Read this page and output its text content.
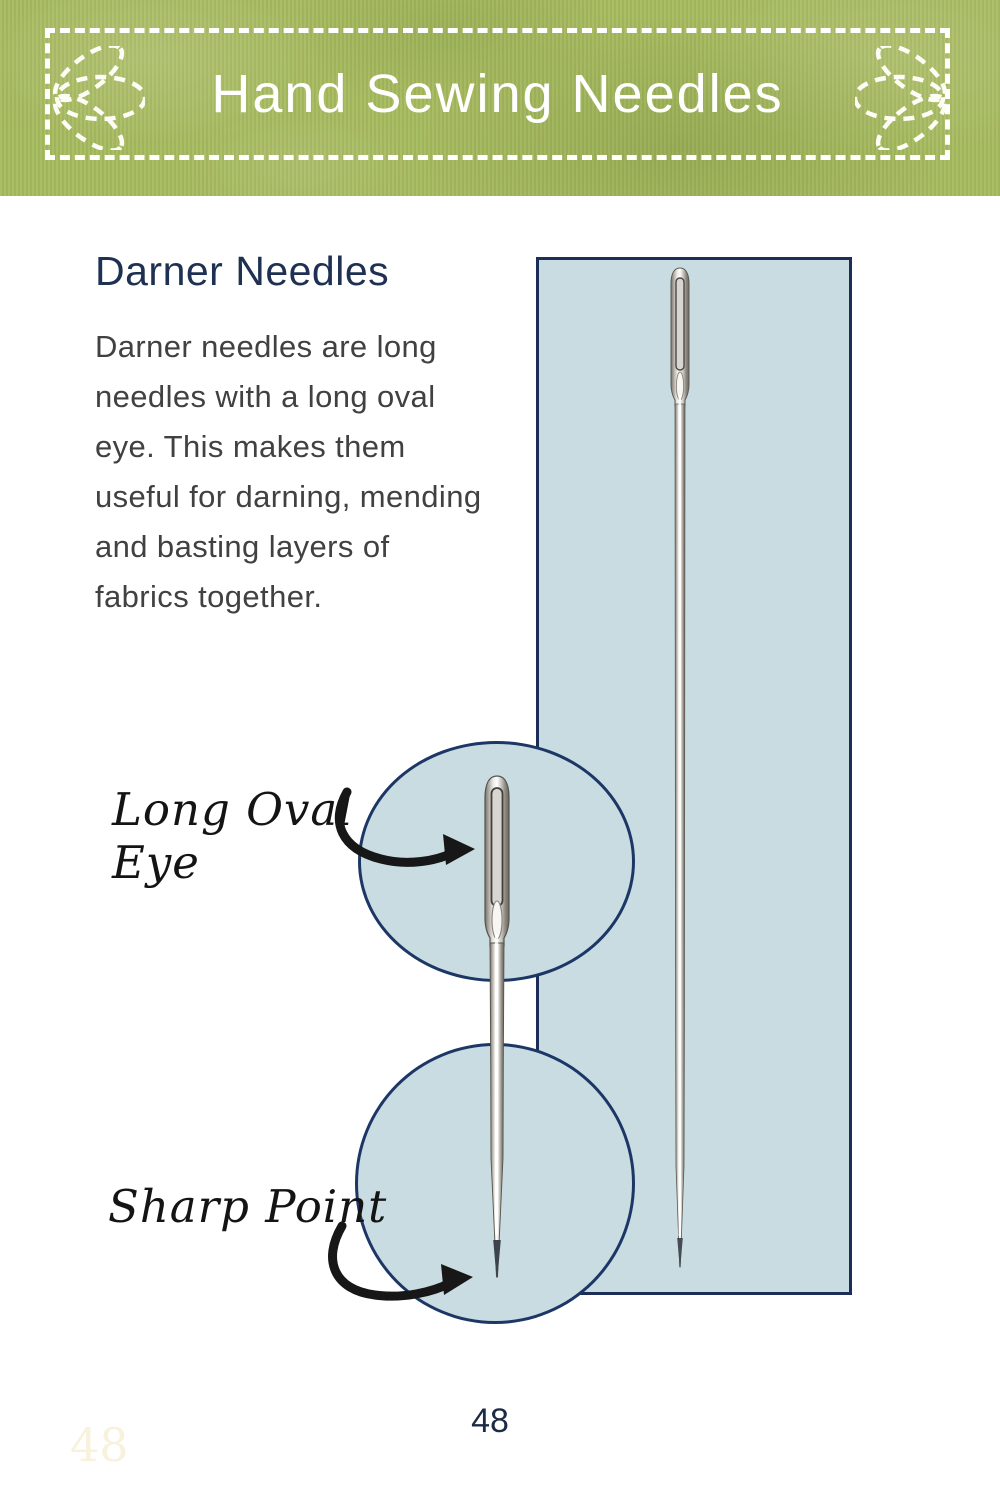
Hand Sewing Needles
Darner Needles
Darner needles are long
needles with a long oval
eye. This makes them
useful for darning, mending
and basting layers of
fabrics together.
Long Oval
Eye
Sharp Point
48	48
